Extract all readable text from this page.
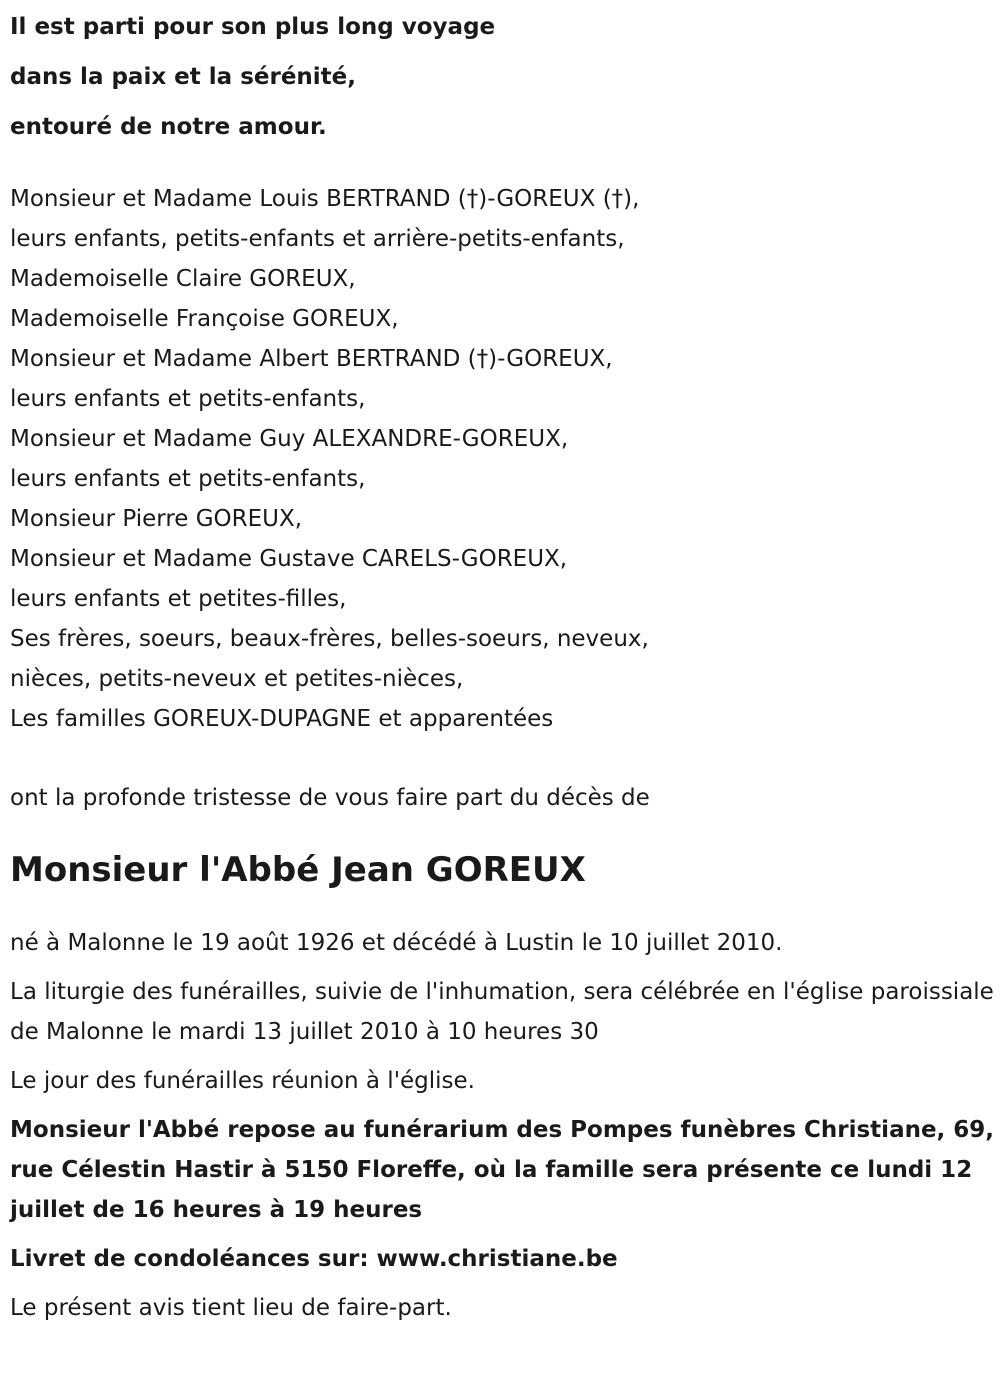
Il est parti pour son plus long voyage
dans la paix et la sérénité,
entouré de notre amour.
Monsieur et Madame Louis BERTRAND (†)-GOREUX (†),
leurs enfants, petits-enfants et arrière-petits-enfants,
Mademoiselle Claire GOREUX,
Mademoiselle Françoise GOREUX,
Monsieur et Madame Albert BERTRAND (†)-GOREUX,
leurs enfants et petits-enfants,
Monsieur et Madame Guy ALEXANDRE-GOREUX,
leurs enfants et petits-enfants,
Monsieur Pierre GOREUX,
Monsieur et Madame Gustave CARELS-GOREUX,
leurs enfants et petites-filles,
Ses frères, soeurs, beaux-frères, belles-soeurs, neveux,
nièces, petits-neveux et petites-nièces,
Les familles GOREUX-DUPAGNE et apparentées
ont la profonde tristesse de vous faire part du décès de
Monsieur l'Abbé Jean GOREUX
né à Malonne le 19 août 1926 et décédé à Lustin le 10 juillet 2010.
La liturgie des funérailles, suivie de l'inhumation, sera célébrée en l'église paroissiale de Malonne le mardi 13 juillet 2010 à 10 heures 30
Le jour des funérailles réunion à l'église.
Monsieur l'Abbé repose au funérarium des Pompes funèbres Christiane, 69, rue Célestin Hastir à 5150 Floreffe, où la famille sera présente ce lundi 12 juillet de 16 heures à 19 heures
Livret de condoléances sur: www.christiane.be
Le présent avis tient lieu de faire-part.
